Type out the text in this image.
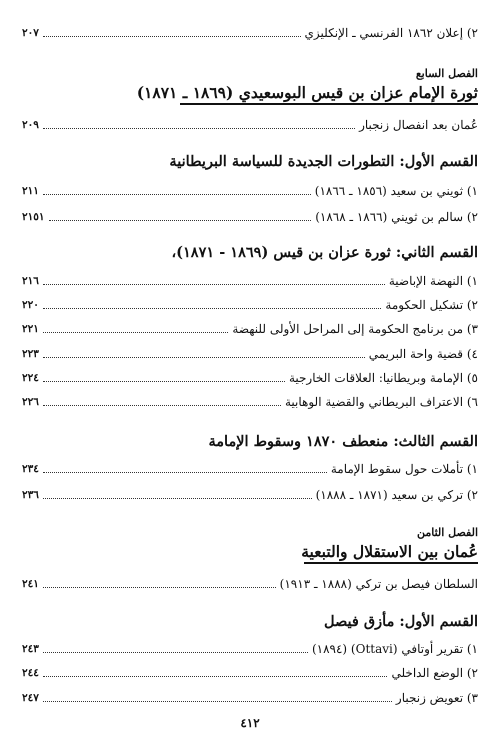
٢) إعلان ١٨٦٢ الفرنسي ـ الإنكليزي
٢٠٧
الفصل السابع
ثورة الإمام عزان بن قيس البوسعيدي (١٨٦٩ ـ ١٨٧١)
عُمان بعد انفصال زنجبار
٢٠٩
القسم الأول: التطورات الجديدة للسياسة البريطانية
١) ثويني بن سعيد (١٨٥٦ ـ ١٨٦٦)
٢١١
٢) سالم بن ثويني (١٨٦٦ ـ ١٨٦٨)
٢١٥١
القسم الثاني: ثورة عزان بن قيس (١٨٦٩ - ١٨٧١)،
١) النهضة الإباضية
٢١٦
٢) تشكيل الحكومة
٢٢٠
٣) من برنامج الحكومة إلى المراحل الأولى للنهضة
٢٢١
٤) قضية واحة البريمي
٢٢٣
٥) الإمامة وبريطانيا: العلاقات الخارجية
٢٢٤
٦) الاعتراف البريطاني والقضية الوهابية
٢٢٦
القسم الثالث: منعطف ١٨٧٠ وسقوط الإمامة
١) تأملات حول سقوط الإمامة
٢٣٤
٢) تركي بن سعيد (١٨٧١ ـ ١٨٨٨)
٢٣٦
الفصل الثامن
عُمان بين الاستقلال والتبعية
السلطان فيصل بن تركي (١٨٨٨ ـ ١٩١٣)
٢٤١
القسم الأول: مأزق فيصل
١) تقرير أوتافي (Ottavi) (١٨٩٤)
٢٤٣
٢) الوضع الداخلي
٢٤٤
٣) تعويض زنجبار
٢٤٧
٤١٢
